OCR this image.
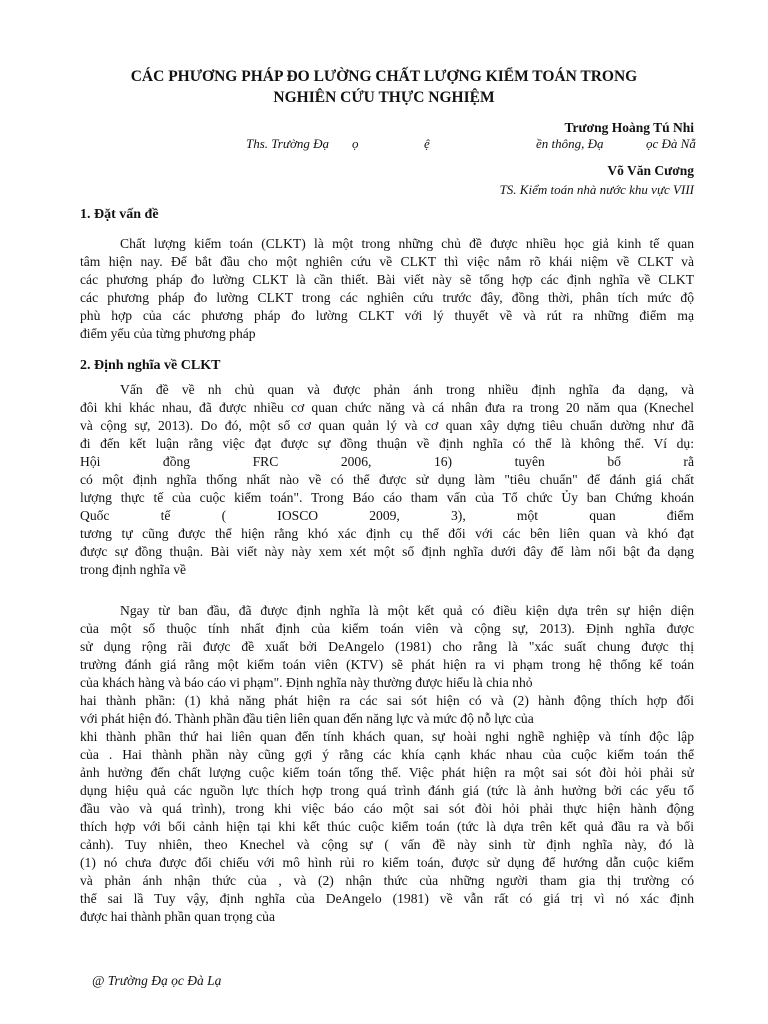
CÁC PHƯƠNG PHÁP ĐO LƯỜNG CHẤT LƯỢNG KIỂM TOÁN TRONG
NGHIÊN CỨU THỰC NGHIỆM
Trương Hoàng Tú Nhi
Ths. Trường Đạ ọ	ệ	ền thông, Đạ	ọc Đà Nẵ
Võ Văn Cương
TS. Kiểm toán nhà nước khu vực VIII
1. Đặt vấn đề
Chất lượng kiểm toán (CLKT) là một trong những chủ đề được nhiều học giả kinh tế quan
tâm hiện nay. Để bắt đầu cho một nghiên cứu về CLKT thì việc nắm rõ khái niệm về CLKT và
các phương pháp đo lường CLKT là cần thiết. Bài viết này sẽ tổng hợp các định nghĩa về CLKT
các phương pháp đo lường CLKT trong các nghiên cứu trước đây, đồng thời, phân tích mức độ
phù hợp của các phương pháp đo lường CLKT với lý thuyết về và rút ra những điểm mạ
điểm yếu của từng phương pháp
2. Định nghĩa về CLKT
Vấn đề về nh chủ quan và được phản ánh trong nhiều định nghĩa đa dạng, và
đôi khi khác nhau, đã được nhiều cơ quan chức năng và cá nhân đưa ra trong 20 năm qua (Knechel
và cộng sự, 2013). Do đó, một số cơ quan quản lý và cơ quan xây dựng tiêu chuẩn dường như đã
đi đến kết luận rằng việc đạt được sự đồng thuận về định nghĩa có thể là không thể. Ví dụ:
Hội đồng FRC 2006, 16) tuyên bố rằ
có một định nghĩa thống nhất nào về có thể được sử dụng làm "tiêu chuẩn" để đánh giá chất
lượng thực tế của cuộc kiểm toán". Trong Báo cáo tham vấn của Tổ chức Ủy ban Chứng khoán
Quốc tế ( IOSCO 2009, 3), một quan điểm
tương tự cũng được thể hiện rằng khó xác định cụ thể đối với các bên liên quan và khó đạt
được sự đồng thuận. Bài viết này này xem xét một số định nghĩa dưới đây để làm nổi bật đa dạng
trong định nghĩa về
Ngay từ ban đầu, đã được định nghĩa là một kết quả có điều kiện dựa trên sự hiện diện
của một số thuộc tính nhất định của kiểm toán viên và cộng sự, 2013). Định nghĩa được
sử dụng rộng rãi được đề xuất bởi DeAngelo (1981) cho rằng là "xác suất chung được thị
trường đánh giá rằng một kiểm toán viên (KTV) sẽ phát hiện ra vi phạm trong hệ thống kế toán
của khách hàng và báo cáo vi phạm". Định nghĩa này thường được hiểu là chia nhỏ
hai thành phần: (1) khả năng phát hiện ra các sai sót hiện có và (2) hành động thích hợp đối
với phát hiện đó. Thành phần đầu tiên liên quan đến năng lực và mức độ nỗ lực của
khi thành phần thứ hai liên quan đến tính khách quan, sự hoài nghi nghề nghiệp và tính độc lập
của . Hai thành phần này cũng gợi ý rằng các khía cạnh khác nhau của cuộc kiểm toán thể
ảnh hưởng đến chất lượng cuộc kiểm toán tổng thể. Việc phát hiện ra một sai sót đòi hỏi phải sử
dụng hiệu quả các nguồn lực thích hợp trong quá trình đánh giá (tức là ảnh hưởng bởi các yếu tố
đầu vào và quá trình), trong khi việc báo cáo một sai sót đòi hỏi phải thực hiện hành động
thích hợp với bối cảnh hiện tại khi kết thúc cuộc kiểm toán (tức là dựa trên kết quả đầu ra và bối
cảnh). Tuy nhiên, theo Knechel và cộng sự ( vấn đề này sinh từ định nghĩa này, đó là
(1) nó chưa được đối chiếu với mô hình rủi ro kiểm toán, được sử dụng để hướng dẫn cuộc kiểm
và phản ánh nhận thức của , và (2) nhận thức của những người tham gia thị trường có
thể sai lầ Tuy vậy, định nghĩa của DeAngelo (1981) về vẫn rất có giá trị vì nó xác định
được hai thành phần quan trọng của
@ Trường Đạ ọc Đà Lạ
